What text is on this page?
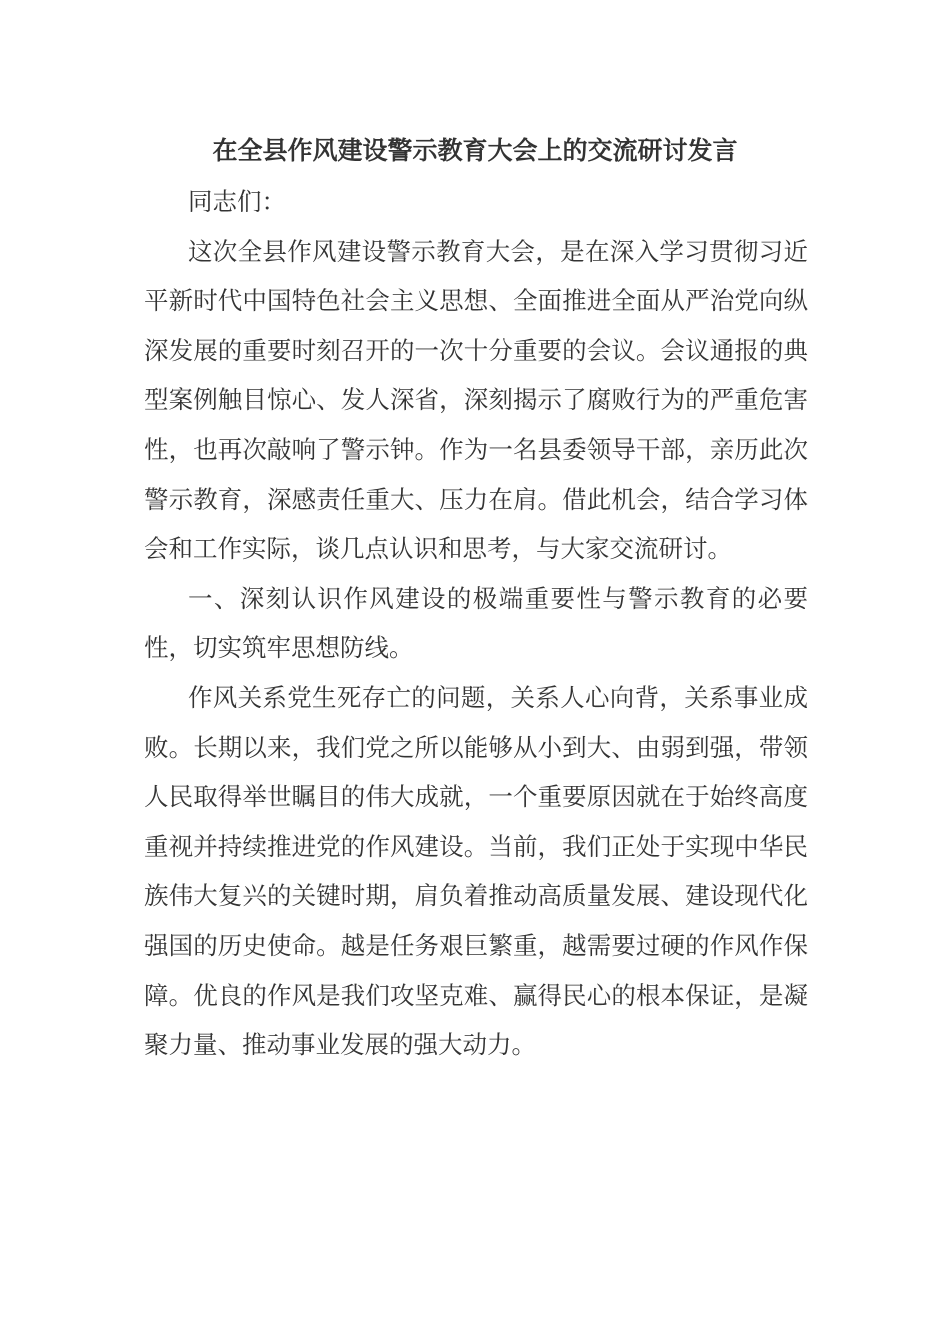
在全县作风建设警示教育大会上的交流研讨发言

同志们：

这次全县作风建设警示教育大会，是在深入学习贯彻习近平新时代中国特色社会主义思想、全面推进全面从严治党向纵深发展的重要时刻召开的一次十分重要的会议。会议通报的典型案例触目惊心、发人深省，深刻揭示了腐败行为的严重危害性，也再次敲响了警示钟。作为一名县委领导干部，亲历此次警示教育，深感责任重大、压力在肩。借此机会，结合学习体会和工作实际，谈几点认识和思考，与大家交流研讨。

一、深刻认识作风建设的极端重要性与警示教育的必要性，切实筑牢思想防线。

作风关系党生死存亡的问题，关系人心向背，关系事业成败。长期以来，我们党之所以能够从小到大、由弱到强，带领人民取得举世瞩目的伟大成就，一个重要原因就在于始终高度重视并持续推进党的作风建设。当前，我们正处于实现中华民族伟大复兴的关键时期，肩负着推动高质量发展、建设现代化强国的历史使命。越是任务艰巨繁重，越需要过硬的作风作保障。优良的作风是我们攻坚克难、赢得民心的根本保证，是凝聚力量、推动事业发展的强大动力。
